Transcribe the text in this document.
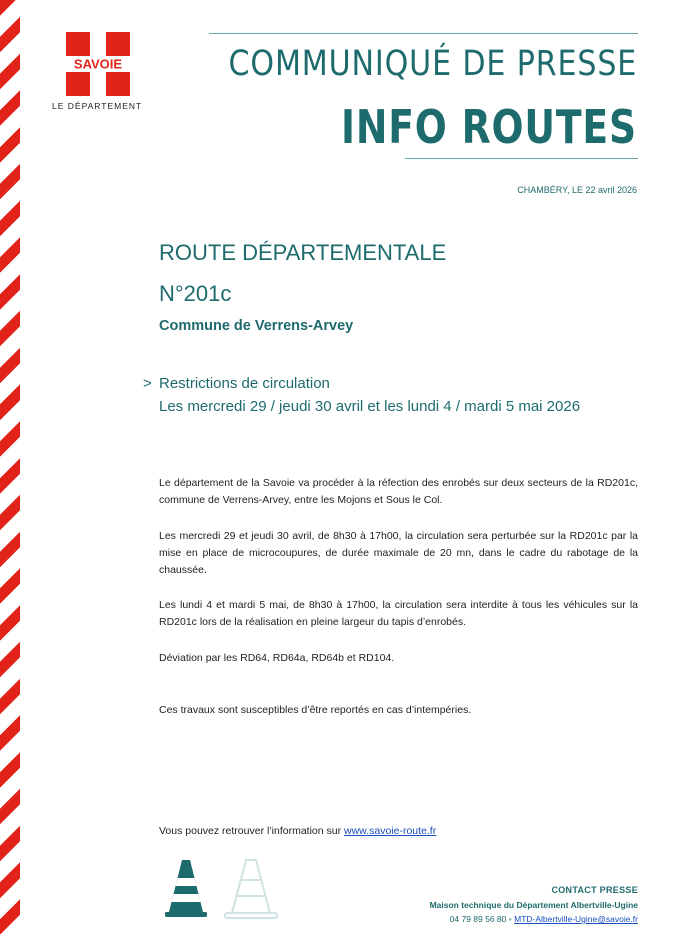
SAVOIE
LE DÉPARTEMENT
COMMUNIQUÉ DE PRESSE
INFO ROUTES
CHAMBÉRY, LE 22 avril 2026
ROUTE DÉPARTEMENTALE
N°201c
Commune de Verrens-Arvey
> Restrictions de circulation
Les mercredi 29 / jeudi 30 avril et les lundi 4 / mardi 5 mai 2026

Le département de la Savoie va procéder à la réfection des enrobés sur deux secteurs de la RD201c, commune de Verrens-Arvey, entre les Mojons et Sous le Col.

Les mercredi 29 et jeudi 30 avril, de 8h30 à 17h00, la circulation sera perturbée sur la RD201c par la mise en place de microcoupures, de durée maximale de 20 mn, dans le cadre du rabotage de la chaussée.

Les lundi 4 et mardi 5 mai, de 8h30 à 17h00, la circulation sera interdite à tous les véhicules sur la RD201c lors de la réalisation en pleine largeur du tapis d’enrobés.

Déviation par les RD64, RD64a, RD64b et RD104.

Ces travaux sont susceptibles d’être reportés en cas d’intempéries.

Vous pouvez retrouver l’information sur www.savoie-route.fr

CONTACT PRESSE
Maison technique du Département Albertville-Ugine
04 79 89 56 80 • MTD-Albertville-Ugine@savoie.fr
